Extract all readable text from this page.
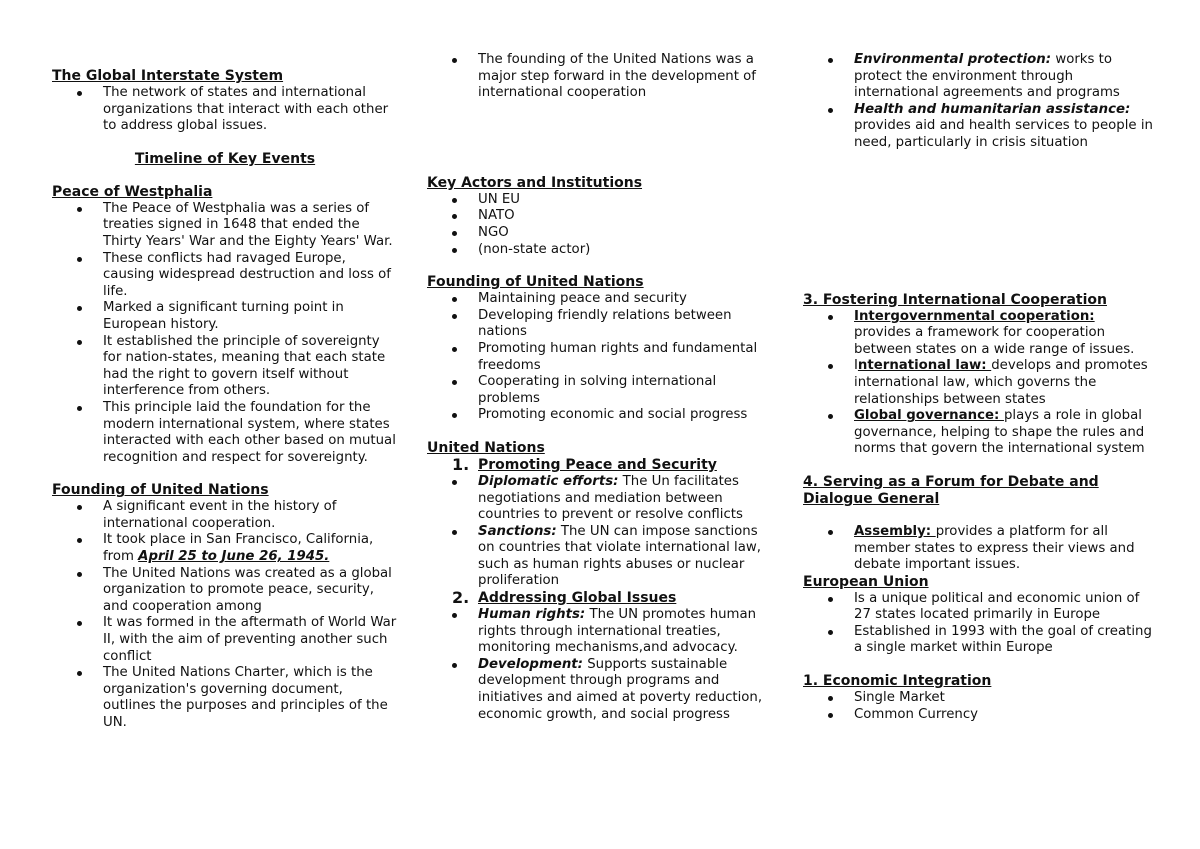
The Global Interstate System

The network of states and international organizations that interact with each other to address global issues.

Timeline of Key Events

Peace of Westphalia

The Peace of Westphalia was a series of treaties signed in 1648 that ended the Thirty Years' War and the Eighty Years' War.
These conflicts had ravaged Europe, causing widespread destruction and loss of life.
Marked a significant turning point in European history.
It established the principle of sovereignty for nation-states, meaning that each state had the right to govern itself without interference from others.
This principle laid the foundation for the modern international system, where states interacted with each other based on mutual recognition and respect for sovereignty.

Founding of United Nations

A significant event in the history of international cooperation.
It took place in San Francisco, California, from April 25 to June 26, 1945.
The United Nations was created as a global organization to promote peace, security, and cooperation among
It was formed in the aftermath of World War II, with the aim of preventing another such conflict
The United Nations Charter, which is the organization's governing document, outlines the purposes and principles of the UN.
The founding of the United Nations was a major step forward in the development of international cooperation

Key Actors and Institutions

UN EU
NATO
NGO
(non-state actor)

Founding of United Nations

Maintaining peace and security
Developing friendly relations between nations
Promoting human rights and fundamental freedoms
Cooperating in solving international problems
Promoting economic and social progress

United Nations

1. Promoting Peace and Security
Diplomatic efforts: The Un facilitates negotiations and mediation between countries to prevent or resolve conflicts
Sanctions: The UN can impose sanctions on countries that violate international law, such as human rights abuses or nuclear proliferation
2. Addressing Global Issues
Human rights: The UN promotes human rights through international treaties, monitoring mechanisms,and advocacy.
Development: Supports sustainable development through programs and initiatives and aimed at poverty reduction, economic growth, and social progress
Environmental protection: works to protect the environment through international agreements and programs
Health and humanitarian assistance: provides aid and health services to people in need, particularly in crisis situation

3. Fostering International Cooperation

Intergovernmental cooperation: provides a framework for cooperation between states on a wide range of issues.
International law: develops and promotes international law, which governs the relationships between states
Global governance: plays a role in global governance, helping to shape the rules and norms that govern the international system

4. Serving as a Forum for Debate and Dialogue General

Assembly: provides a platform for all member states to express their views and debate important issues.

European Union

Is a unique political and economic union of 27 states located primarily in Europe
Established in 1993 with the goal of creating a single market within Europe

1. Economic Integration

Single Market
Common Currency
